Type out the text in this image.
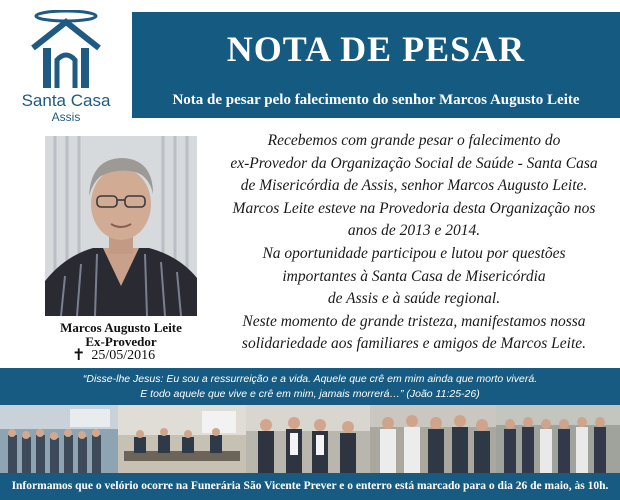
Santa Casa
Assis
NOTA DE PESAR
Nota de pesar pelo falecimento do senhor Marcos Augusto Leite
Marcos Augusto Leite
Ex-Provedor
✝ 25/05/2016

Recebemos com grande pesar o falecimento do

ex-Provedor da Organização Social de Saúde - Santa Casa

de Misericórdia de Assis, senhor Marcos Augusto Leite.

Marcos Leite esteve na Provedoria desta Organização nos

anos de 2013 e 2014.

Na oportunidade participou e lutou por questões

importantes à Santa Casa de Misericórdia

de Assis e à saúde regional.

Neste momento de grande tristeza, manifestamos nossa

solidariedade aos familiares e amigos de Marcos Leite.

“Disse-lhe Jesus: Eu sou a ressurreição e a vida. Aquele que crê em mim ainda que morto viverá.
E todo aquele que vive e crê em mim, jamais morrerá…” (João 11:25-26)
Informamos que o velório ocorre na Funerária São Vicente Prever e o enterro está marcado para o dia 26 de maio, às 10h.
